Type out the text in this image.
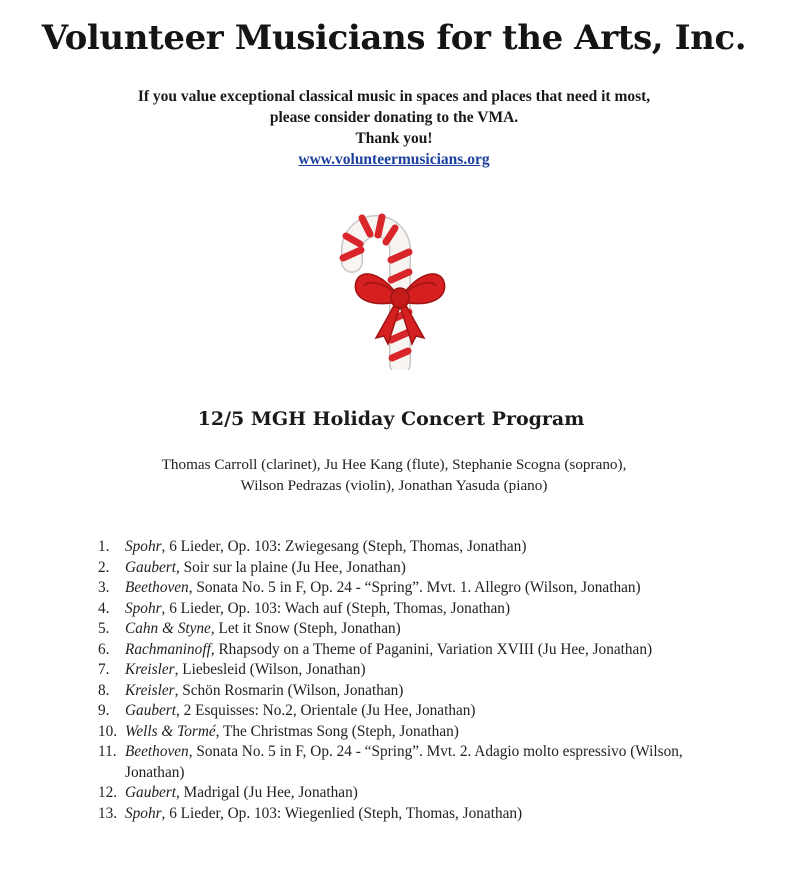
Volunteer Musicians for the Arts, Inc.
If you value exceptional classical music in spaces and places that need it most,
please consider donating to the VMA.
Thank you!
www.volunteermusicians.org
12/5 MGH Holiday Concert Program
Thomas Carroll (clarinet), Ju Hee Kang (flute), Stephanie Scogna (soprano),
Wilson Pedrazas (violin), Jonathan Yasuda (piano)
1.	Spohr, 6 Lieder, Op. 103: Zwiegesang (Steph, Thomas, Jonathan)
2.	Gaubert, Soir sur la plaine (Ju Hee, Jonathan)
3.	Beethoven, Sonata No. 5 in F, Op. 24 - “Spring”. Mvt. 1. Allegro (Wilson, Jonathan)
4.	Spohr, 6 Lieder, Op. 103: Wach auf (Steph, Thomas, Jonathan)
5.	Cahn & Styne, Let it Snow (Steph, Jonathan)
6.	Rachmaninoff, Rhapsody on a Theme of Paganini, Variation XVIII (Ju Hee, Jonathan)
7.	Kreisler, Liebesleid (Wilson, Jonathan)
8.	Kreisler, Schön Rosmarin (Wilson, Jonathan)
9.	Gaubert, 2 Esquisses: No.2, Orientale (Ju Hee, Jonathan)
10. Wells & Tormé, The Christmas Song (Steph, Jonathan)
11. Beethoven, Sonata No. 5 in F, Op. 24 - “Spring”. Mvt. 2. Adagio molto espressivo (Wilson, Jonathan)
12. Gaubert, Madrigal (Ju Hee, Jonathan)
13. Spohr, 6 Lieder, Op. 103: Wiegenlied (Steph, Thomas, Jonathan)
